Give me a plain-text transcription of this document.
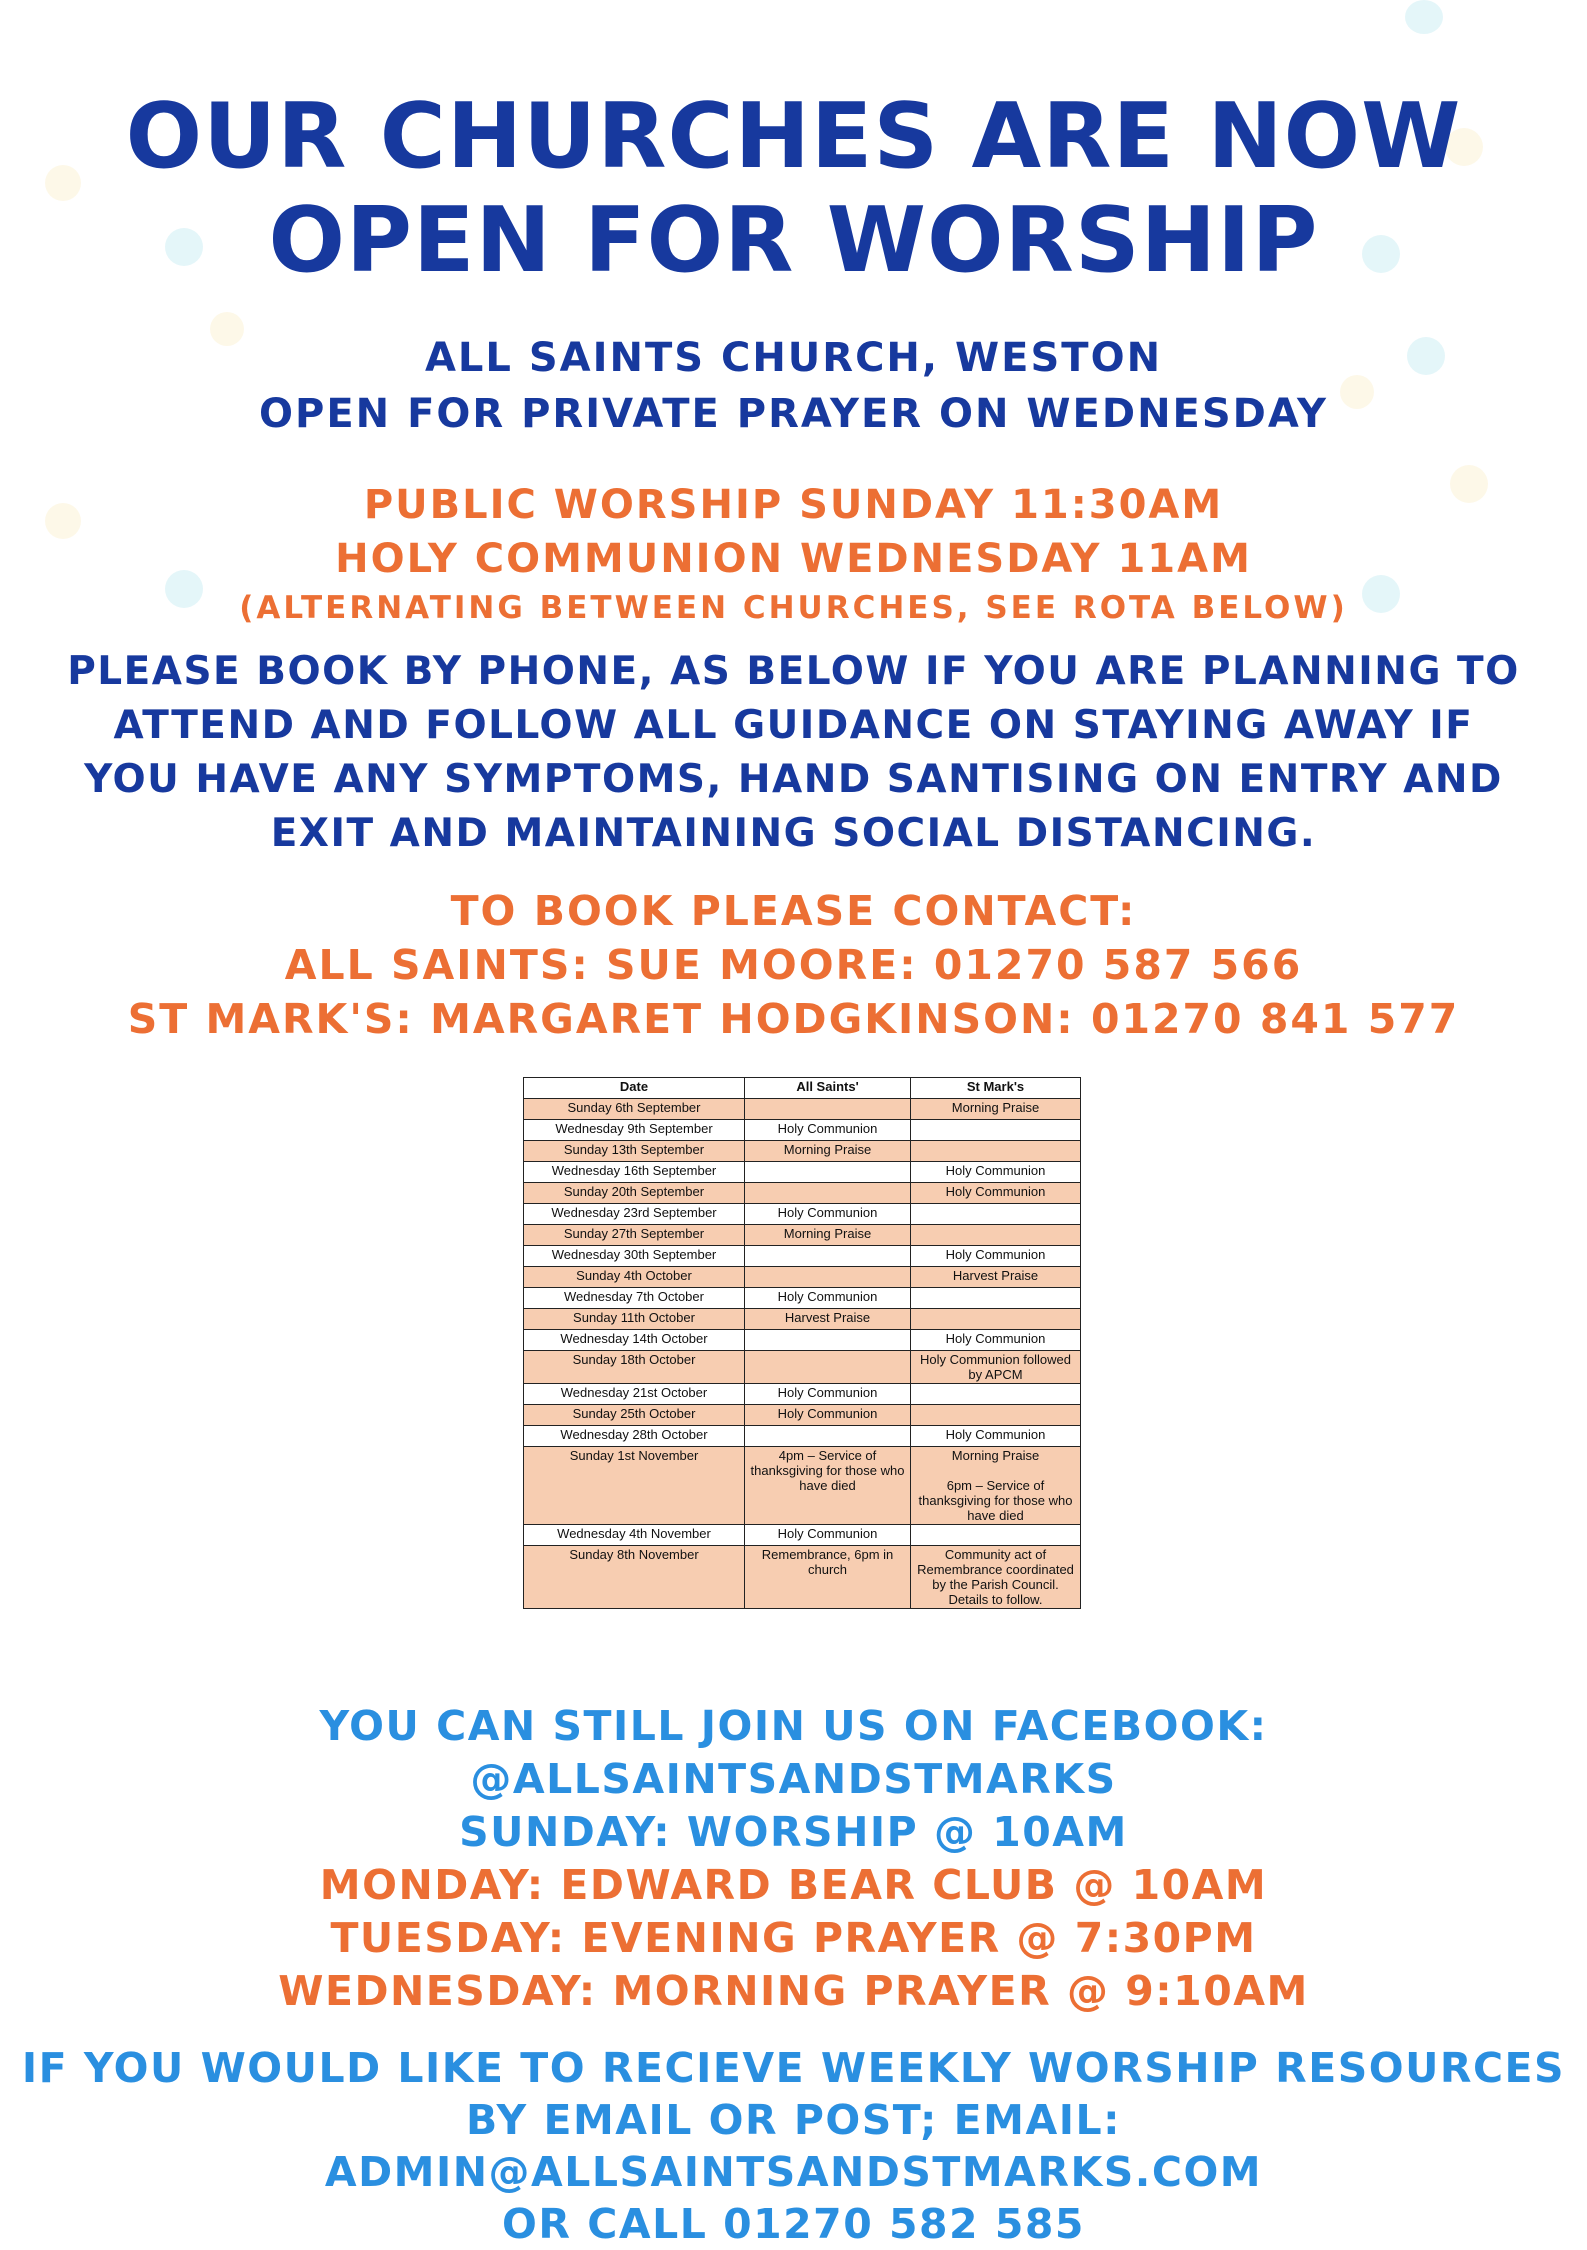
OUR CHURCHES ARE NOW
OPEN FOR WORSHIP
ALL SAINTS CHURCH, WESTON
OPEN FOR PRIVATE PRAYER ON WEDNESDAY
PUBLIC WORSHIP SUNDAY 11:30AM
HOLY COMMUNION WEDNESDAY 11AM
(ALTERNATING BETWEEN CHURCHES, SEE ROTA BELOW)
PLEASE BOOK BY PHONE, AS BELOW IF YOU ARE PLANNING TO
ATTEND AND FOLLOW ALL GUIDANCE ON STAYING AWAY IF
YOU HAVE ANY SYMPTOMS, HAND SANTISING ON ENTRY AND
EXIT AND MAINTAINING SOCIAL DISTANCING.
TO BOOK PLEASE CONTACT:
ALL SAINTS: SUE MOORE: 01270 587 566
ST MARK'S: MARGARET HODGKINSON: 01270 841 577
Date	All Saints'	St Mark's
Sunday 6th September		Morning Praise
Wednesday 9th September	Holy Communion	
Sunday 13th September	Morning Praise	
Wednesday 16th September		Holy Communion
Sunday 20th September		Holy Communion
Wednesday 23rd September	Holy Communion	
Sunday 27th September	Morning Praise	
Wednesday 30th September		Holy Communion
Sunday 4th October		Harvest Praise
Wednesday 7th October	Holy Communion	
Sunday 11th October	Harvest Praise	
Wednesday 14th October		Holy Communion
Sunday 18th October		Holy Communion followed by APCM
Wednesday 21st October	Holy Communion	
Sunday 25th October	Holy Communion	
Wednesday 28th October		Holy Communion
Sunday 1st November	4pm – Service of thanksgiving for those who have died	Morning Praise

6pm – Service of thanksgiving for those who have died
Wednesday 4th November	Holy Communion	
Sunday 8th November	Remembrance, 6pm in church	Community act of Remembrance coordinated by the Parish Council. Details to follow.
YOU CAN STILL JOIN US ON FACEBOOK:
@ALLSAINTSANDSTMARKS
SUNDAY: WORSHIP @ 10AM
MONDAY: EDWARD BEAR CLUB @ 10AM
TUESDAY: EVENING PRAYER @ 7:30PM
WEDNESDAY: MORNING PRAYER @ 9:10AM
IF YOU WOULD LIKE TO RECIEVE WEEKLY WORSHIP RESOURCES
BY EMAIL OR POST; EMAIL:
ADMIN@ALLSAINTSANDSTMARKS.COM
OR CALL 01270 582 585
